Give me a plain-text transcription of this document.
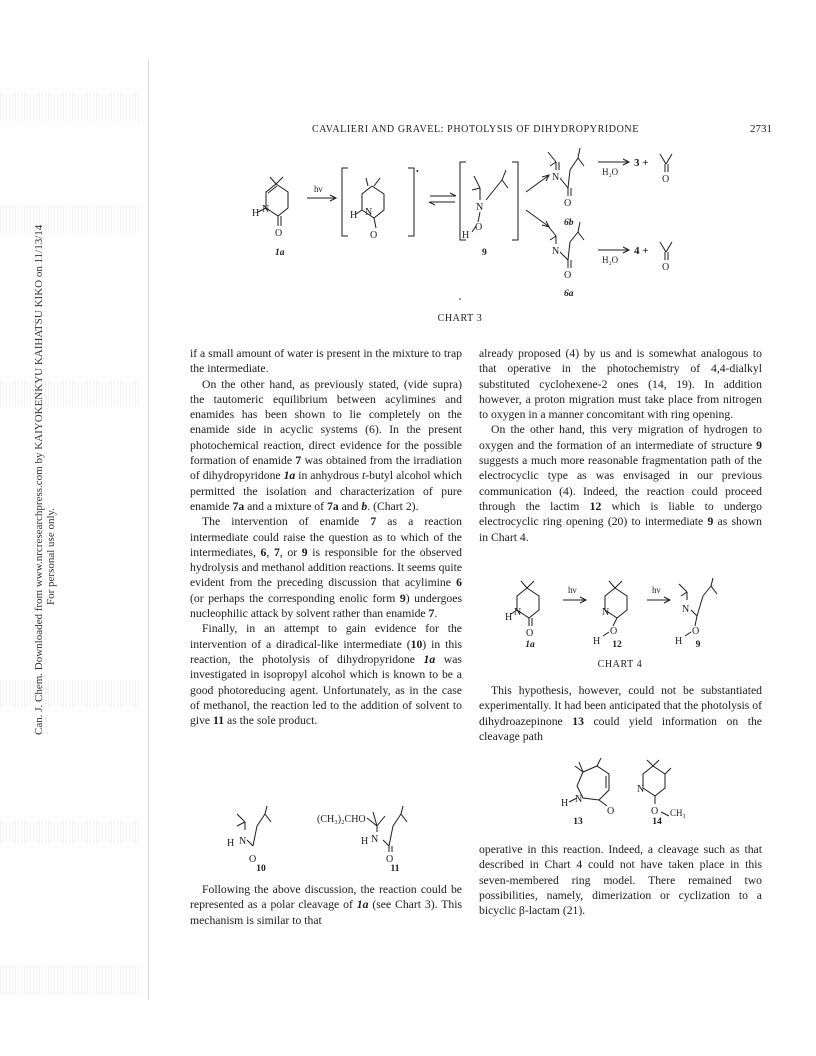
Can. J. Chem. Downloaded from www.nrcresearchpress.com by KAIYOKENKYU KAIHATSU KIKO on 11/13/14 For personal use only.
CAVALIERI AND GRAVEL: PHOTOLYSIS OF DIHYDROPYRIDONE	2731
H N
O
hν
•
H N
O
N
H
O
N
O
6b
H₂O
3 +
O
N
O
6a
H₂O
4 +
O
1a	9
CHART 3

if a small amount of water is present in the mixture to trap the intermediate.

On the other hand, as previously stated, (vide supra) the tautomeric equilibrium between acylimines and enamides has been shown to lie completely on the enamide side in acyclic systems (6). In the present photochemical reaction, direct evidence for the possible formation of enamide 7 was obtained from the irradiation of dihydropyridone 1a in anhydrous t-butyl alcohol which permitted the isolation and characterization of pure enamide 7a and a mixture of 7a and b. (Chart 2).

The intervention of enamide 7 as a reaction intermediate could raise the question as to which of the intermediates, 6, 7, or 9 is responsible for the observed hydrolysis and methanol addition reactions. It seems quite evident from the preceding discussion that acylimine 6 (or perhaps the corresponding enolic form 9) undergoes nucleophilic attack by solvent rather than enamide 7.

Finally, in an attempt to gain evidence for the intervention of a diradical-like intermediate (10) in this reaction, the photolysis of dihydropyridone 1a was investigated in isopropyl alcohol which is known to be a good photoreducing agent. Unfortunately, as in the case of methanol, the reaction led to the addition of solvent to give 11 as the sole product.

N
H
O
(CH₃)₂CHO
N
H
O
10	11

Following the above discussion, the reaction could be represented as a polar cleavage of 1a (see Chart 3). This mechanism is similar to that

already proposed (4) by us and is somewhat analogous to that operative in the photochemistry of 4,4-dialkyl substituted cyclohexene-2 ones (14, 19). In addition however, a proton migration must take place from nitrogen to oxygen in a manner concomitant with ring opening.

On the other hand, this very migration of hydrogen to oxygen and the formation of an intermediate of structure 9 suggests a much more reasonable fragmentation path of the electrocyclic type as was envisaged in our previous communication (4). Indeed, the reaction could proceed through the lactim 12 which is liable to undergo electrocyclic ring opening (20) to intermediate 9 as shown in Chart 4.

H N
O
hν
N
O
H
hν
N
O
H
1a	12	9
CHART 4

This hypothesis, however, could not be substantiated experimentally. It had been anticipated that the photolysis of dihydroazepinone 13 could yield information on the cleavage path

H N
O
N
O CH₃
13	14

operative in this reaction. Indeed, a cleavage such as that described in Chart 4 could not have taken place in this seven-membered ring model. There remained two possibilities, namely, dimerization or cyclization to a bicyclic β-lactam (21).
